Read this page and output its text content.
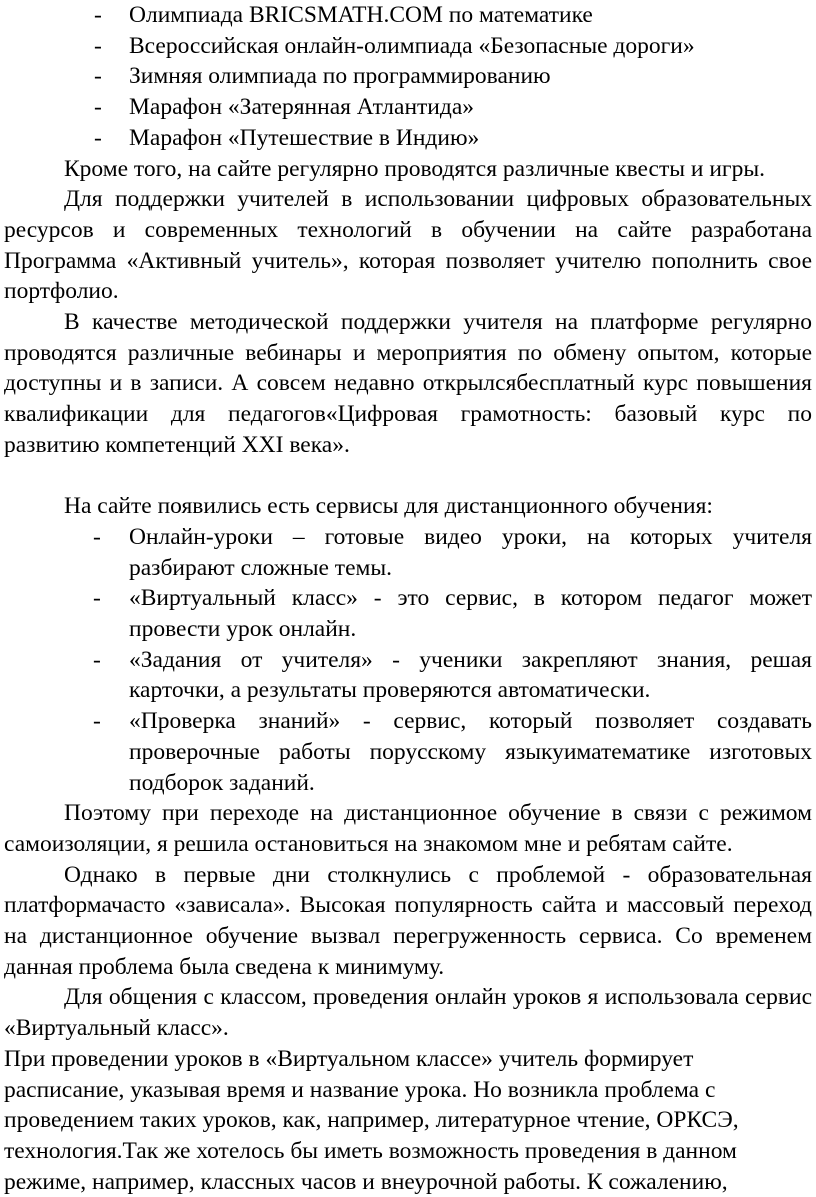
- Олимпиада BRICSMATH.COM по математике

- Всероссийская онлайн-олимпиада «Безопасные дороги»

- Зимняя олимпиада по программированию

- Марафон «Затерянная Атлантида»

- Марафон «Путешествие в Индию»

Кроме того, на сайте регулярно проводятся различные квесты и игры.

Для поддержки учителей в использовании цифровых образовательных ресурсов и современных технологий в обучении на сайте разработана Программа «Активный учитель», которая позволяет учителю пополнить свое портфолио.

В качестве методической поддержки учителя на платформе регулярно проводятся различные вебинары и мероприятия по обмену опытом, которые доступны и в записи. А совсем недавно открылсябесплатный курс повышения квалификации для педагогов«Цифровая грамотность: базовый курс по развитию компетенций XXI века».

На сайте появились есть сервисы для дистанционного обучения:

- Онлайн-уроки – готовые видео уроки, на которых учителя разбирают сложные темы.

- «Виртуальный класс» - это сервис, в котором педагог может провести урок онлайн.

- «Задания от учителя» - ученики закрепляют знания, решая карточки, а результаты проверяются автоматически.

- «Проверка знаний» - сервис, который позволяет создавать проверочные работы порусскому языкуиматематике изготовых подборок заданий.

Поэтому при переходе на дистанционное обучение в связи с режимом самоизоляции, я решила остановиться на знакомом мне и ребятам сайте.

Однако в первые дни столкнулись с проблемой - образовательная платформачасто «зависала». Высокая популярность сайта и массовый переход на дистанционное обучение вызвал перегруженность сервиса. Со временем данная проблема была сведена к минимуму.

Для общения с классом, проведения онлайн уроков я использовала сервис «Виртуальный класс».

При проведении уроков в «Виртуальном классе» учитель формирует расписание, указывая время и название урока. Но возникла проблема с проведением таких уроков, как, например, литературное чтение, ОРКСЭ, технология.Так же хотелось бы иметь возможность проведения в данном режиме, например, классных часов и внеурочной работы. К сожалению,
